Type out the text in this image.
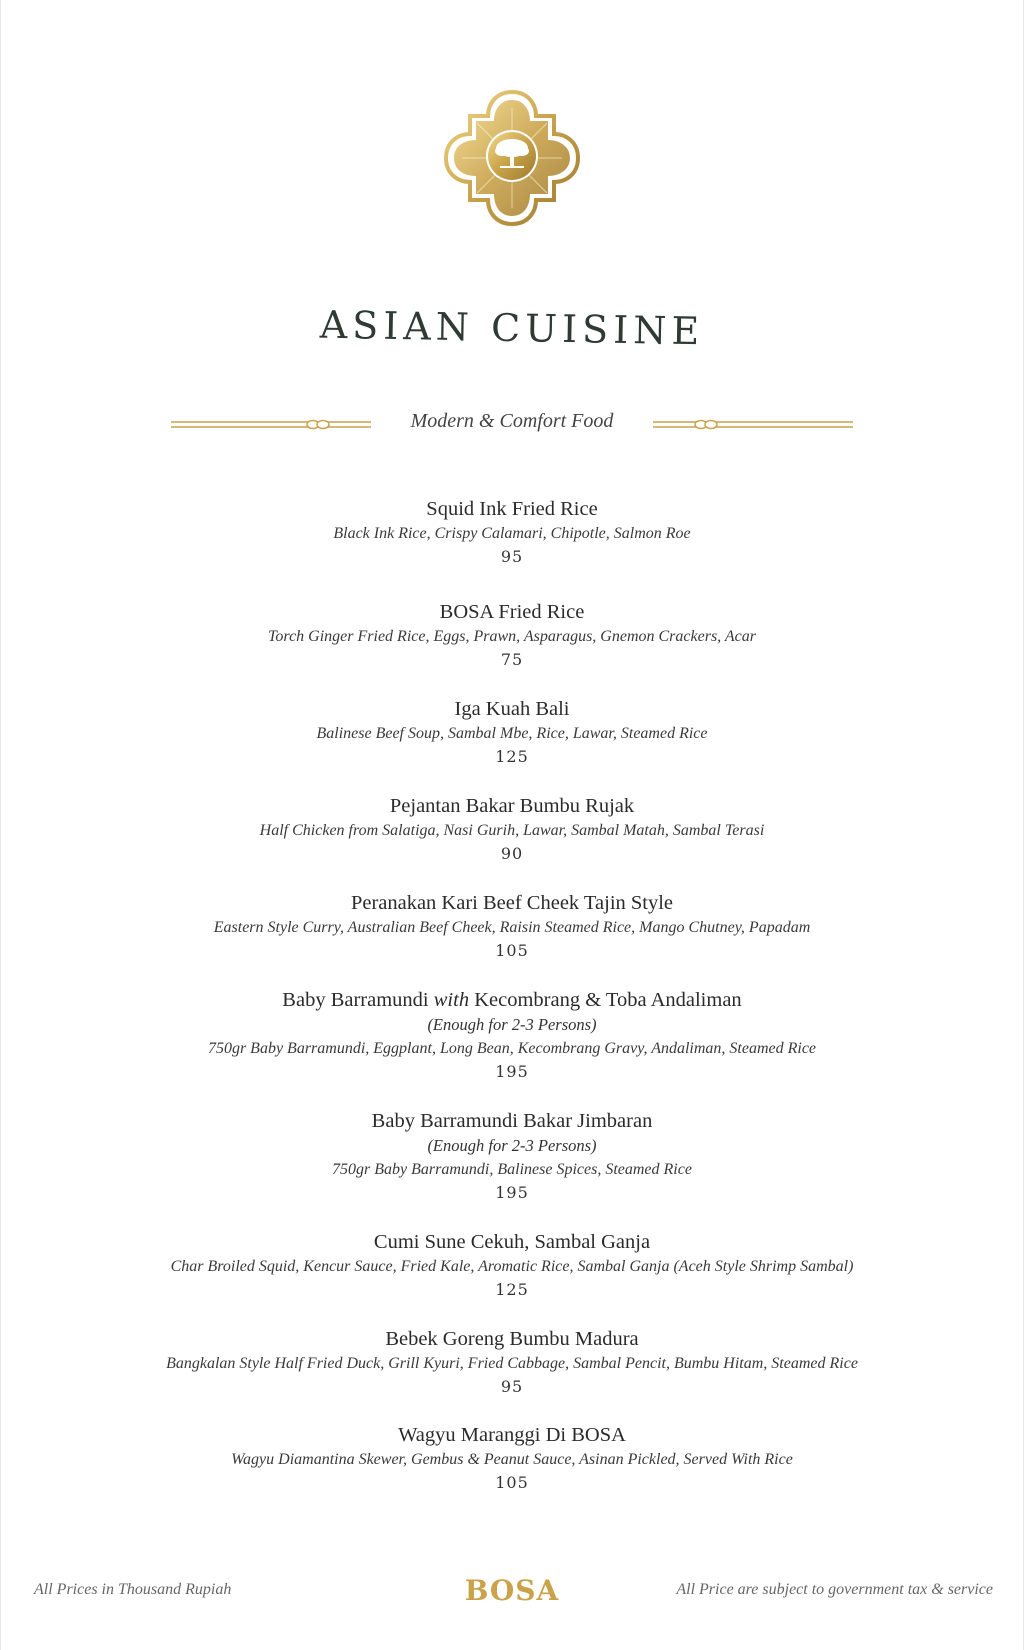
ASIAN CUISINE
Modern & Comfort Food
Squid Ink Fried Rice
Black Ink Rice, Crispy Calamari, Chipotle, Salmon Roe
95
BOSA Fried Rice
Torch Ginger Fried Rice, Eggs, Prawn, Asparagus, Gnemon Crackers, Acar
75
Iga Kuah Bali
Balinese Beef Soup, Sambal Mbe, Rice, Lawar, Steamed Rice
125
Pejantan Bakar Bumbu Rujak
Half Chicken from Salatiga, Nasi Gurih, Lawar, Sambal Matah, Sambal Terasi
90
Peranakan Kari Beef Cheek Tajin Style
Eastern Style Curry, Australian Beef Cheek, Raisin Steamed Rice, Mango Chutney, Papadam
105
Baby Barramundi with Kecombrang & Toba Andaliman
(Enough for 2-3 Persons)
750gr Baby Barramundi, Eggplant, Long Bean, Kecombrang Gravy, Andaliman, Steamed Rice
195
Baby Barramundi Bakar Jimbaran
(Enough for 2-3 Persons)
750gr Baby Barramundi, Balinese Spices, Steamed Rice
195
Cumi Sune Cekuh, Sambal Ganja
Char Broiled Squid, Kencur Sauce, Fried Kale, Aromatic Rice, Sambal Ganja (Aceh Style Shrimp Sambal)
125
Bebek Goreng Bumbu Madura
Bangkalan Style Half Fried Duck, Grill Kyuri, Fried Cabbage, Sambal Pencit, Bumbu Hitam, Steamed Rice
95
Wagyu Maranggi Di BOSA
Wagyu Diamantina Skewer, Gembus & Peanut Sauce, Asinan Pickled, Served With Rice
105
All Prices in Thousand Rupiah	BOSA	All Price are subject to government tax & service
